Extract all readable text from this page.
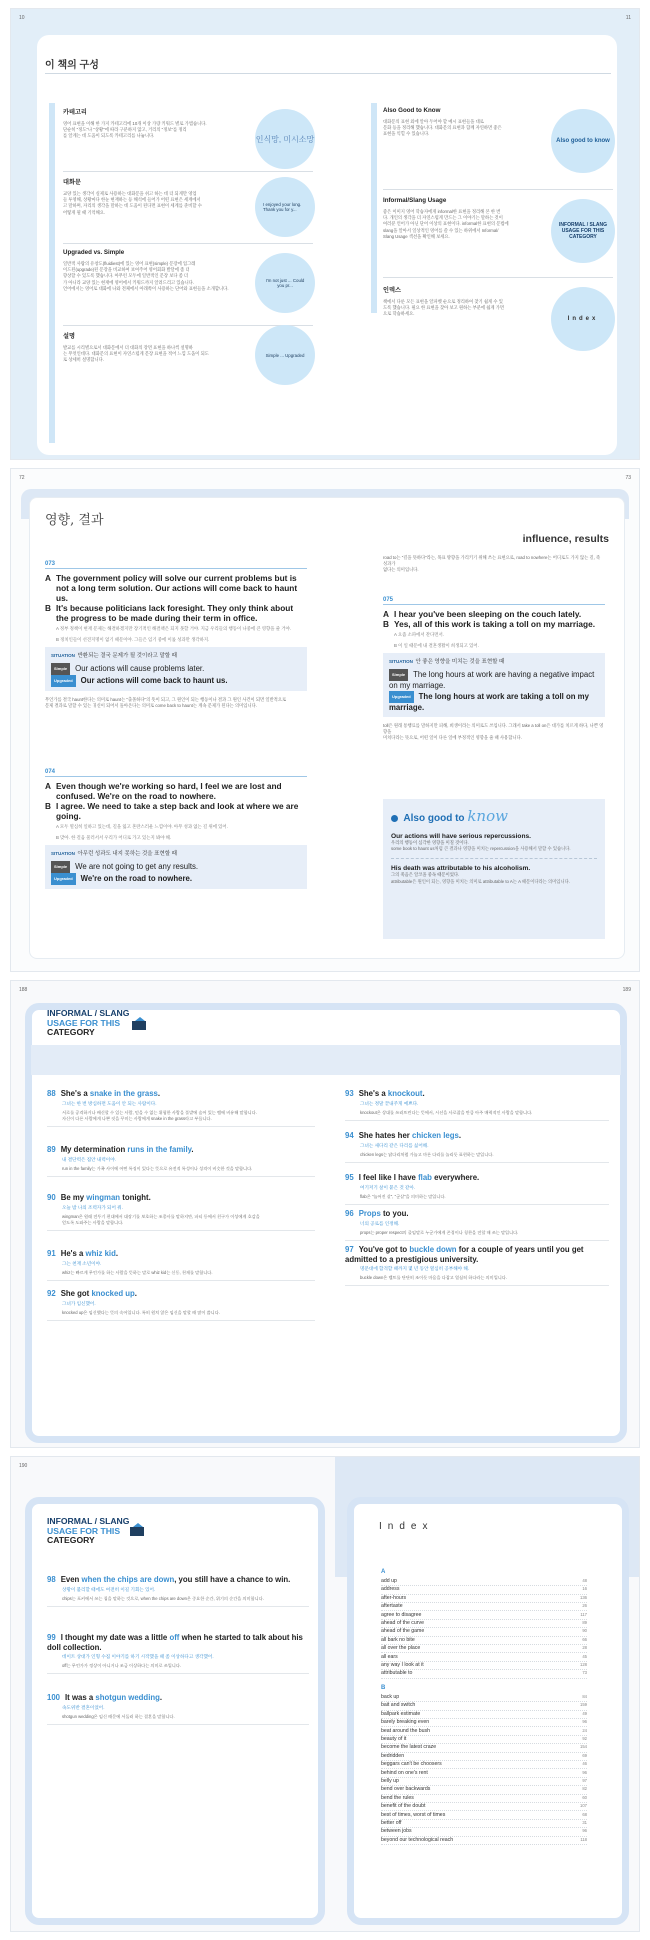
10	11
이 책의 구성
카테고리
영어 표현을 이해 한 가지 카테고리에 10개 이상 가량 키워드 별로 가볍습니다.
단순히 "정도"나 "상황"에 따라 구분하지 않고, 거리의 "정보"를 정리
를 알게는 데 도움이 되도록 카테고리를 나눕니다.	인식망, 미시소망
대화문
교양 있는 생각이 실제로 사용하는 대화문을 쉬고 하는 데 더 되게만 영업
들 투영해, 상황마다 한눈 현재하는 등 해석에 들어가 어떤 표현은 세계에서
고 말하며, 자리의 생각을 말하는 데 도움이 된다면 표현이 세계를 준비할 수
어떻게 될 때 기억해요.
I enjoyed your long. Thank you for y...
Upgraded vs. Simple
일반적 사람의 유창도(fluidiest)에 있는 영어 표현(simple) 문장에 업그레
이드된(upgrade)된 문장을 비교하여 보여주어 영어회화 발달에 좀 더
향상할 수 있도록 했습니다. 아무런 모두에 일반적인 문장 보다 좀 더
가 아니라 교양 있는 현재에 영어에서 키워드까지 알려드리고 있습니다.
언어에서는 영어로 대화에 나와 전체에서 아래쪽이 사용하는 단어와 표현들을 소개합니다.
I'm not just ... Could you pr...
설명
발교를 시리별으로서 대화문에서 더 대화의 장면 표현을 하나씩 설명하
는 무엇인데다. 대화문의 표현이 자연스럽게 문장 표현을 적어 느낌 도움이 되도
로 상세히 설명합니다.
Simple ... Upgraded
Also Good to Know
대화문의 표현 외에 알아 두어야 할 예시 표현들을 대로
문화 등을 정리해 했습니다. 대화문의 표현과 함께 자연하면 좋은
표현을 익힐 수 있습니다.
Also good to know
Informal/Slang Usage
좋은 이미지 영어 학습자에게 informal한 표현을 정리해 본 한 번
다. 개인의 생각을 더 자연스럽게 만드는 그 이야기는 말하는 것이
여러분 언어가 아닌 단어 이상의 표현이다. informal한 표현의 문법에
slang을 알아서 일상적인 영어를 쓸 수 있는 하위에서 Informal/
Slang Usage 섹션을 확인해 보세요.
INFORMAL / SLANG USAGE FOR THIS CATEGORY
인덱스
책에서 다룬 모든 표현을 알파벳 순으로 정리하여 찾기 쉽게 수 있
도록 했습니다. 필요 한 표현을 찾아 보고 원하는 부분에 쉽게 가면
으로 학습하세요.
Index
72	73
영향, 결과
influence, results
073
A The government policy will solve our current problems but is not a long term solution. Our actions will come back to haunt us.
B It's because politicians lack foresight. They only think about the progress to be made during their term in office.
A 정부 정책이 현재 문제는 해결하겠지만 장기적인 해결책은 되지 못할 거야. 지금 우리들의 행동이 나중에 큰 영향을 줄 거야.
B 정치인들이 선견지명이 없기 때문이야. 그들은 임기 중에 이룰 성과만 생각하지.
SITUATION 반환되는 결국 문제가 될 것이라고 말할 때
Simple Our actions will cause problems later.
Upgraded Our actions will come back to haunt us.
무언가를 결국 haunt한다는 의미로 haunt는 "출몰하다"의 뜻이 되고, 그 원인이 되는 행동이나 결과 그 원인 사건이 되면 일반적으로
문제 결과로 말할 수 있는 귀신이 되어서 돌아온다는 의미로 come back to haunt는 계속 문제가 된다는 의미입니다.
074
A Even though we're working so hard, I feel we are lost and confused. We're on the road to nowhere.
B I agree. We need to take a step back and look at where we are going.
A 모두 열심히 일하고 있는데, 길을 잃고 혼란스러운 느낌이야. 아무 성과 없는 길 위에 있어.
B 맞아. 한 걸음 물러서서 우리가 어디로 가고 있는지 봐야 해.
SITUATION 아무런 성과도 내지 못하는 것을 표현할 때
Simple We are not going to get any results.
Upgraded We're on the road to nowhere.
road to는 "길을 뜻하다"라는, 목표 방향을 가리키기 위해 쓰는 표현으로, road to nowhere는 어디로도 가지 않는 길, 즉 성과가
없다는 의미입니다.
075
A I hear you've been sleeping on the couch lately.
B Yes, all of this work is taking a toll on my marriage.
A 요즘 소파에서 잔다면서.
B 이 일 때문에 내 결혼생활이 희생되고 있어.
SITUATION 안 좋은 영향을 미치는 것을 표현할 때
Simple The long hours at work are having a negative impact on my marriage.
Upgraded The long hours at work are taking a toll on my marriage.
toll은 원래 통행료를 말하지만 피해, 희생이라는 의미로도 쓰입니다. 그래서 take a toll on은 대가를 치르게 하다, 나쁜 영향을
미치다라는 뜻으로, 어떤 일이 다른 일에 부정적인 영향을 줄 때 사용합니다.
Also good to know
Our actions will have serious repercussions.
우리의 행동이 심각한 영향을 미칠 것이다.
some book to haunt us처럼 큰 결과나 영향을 미치는 repercussion을 사용해서 말할 수 있습니다.
His death was attributable to his alcoholism.
그의 죽음은 알코올 중독 때문이었다.
attributable은 원인이 되는, 영향을 미치는 의미로 attributable to A는 A 때문이다라는 의미입니다.
188	189
INFORMAL / SLANG
USAGE FOR THIS
CATEGORY
88 She's a snake in the grass.
그녀는 한 번 방심하면 도움이 안 되는 사람이다.
서로를 공격하거나 배신할 수 있는 사람, 믿을 수 없는 위험한 사람을 풀밭에 숨어 있는 뱀에 비유해 말합니다.
자신이 다른 사람에게 나쁜 짓을 꾸미는 사람에게 snake in the grass라고 부릅니다.
89 My determination runs in the family.
내 결단력은 집안 내력이야.
run in the family는 가족 사이에 어떤 특징이 있다는 뜻으로 유전적 특성이나 성격이 비슷한 것을 말합니다.
90 Be my wingman tonight.
오늘 밤 나의 조력자가 되어 줘.
wingman은 원래 전투기 편대에서 대장기를 보호하는 조종사를 말하지만, 파티 등에서 친구가 이성에게 호감을
얻도록 도와주는 사람을 말합니다.
91 He's a whiz kid.
그는 천재 소년이야.
whiz는 빠르게 무언가를 하는 사람을 뜻하는 말로 whiz kid는 신동, 천재를 말합니다.
92 She got knocked up.
그녀가 임신했어.
knocked up은 임신했다는 뜻의 속어입니다. 특히 원치 않은 임신을 말할 때 많이 씁니다.
93 She's a knockout.
그녀는 정말 끝내주게 예쁘다.
knockout은 상대를 쓰러뜨린다는 뜻에서, 시선을 사로잡을 만큼 아주 매력적인 사람을 말합니다.
94 She hates her chicken legs.
그녀는 새다리 같은 다리를 싫어해.
chicken legs는 닭다리처럼 가늘고 마른 다리를 놀리듯 표현하는 말입니다.
95 I feel like I have flab everywhere.
여기저기 살이 붙은 것 같아.
flab은 "늘어진 살", "군살"을 의미하는 말입니다.
96 Props to you.
너의 공로를 인정해.
props는 proper respect의 줄임말로 누군가에게 존경이나 칭찬을 전할 때 쓰는 말입니다.
97 You've got to buckle down for a couple of years until you get admitted to a prestigious university.
명문대에 합격할 때까지 몇 년 동안 열심히 공부해야 해.
buckle down은 벨트를 단단히 조이듯 마음을 다잡고 열심히 하다라는 의미입니다.
190
INFORMAL / SLANG
USAGE FOR THIS
CATEGORY
Index
A
B
98 Even when the chips are down, you still have a chance to win.
상황이 불리할 때에도 여전히 이길 기회는 있어.
chips는 포커에서 쓰는 칩을 말하는 것으로, when the chips are down은 중요한 순간, 위기의 순간을 의미합니다.
99 I thought my date was a little off when he started to talk about his doll collection.
데이트 상대가 인형 수집 이야기를 하기 시작했을 때 좀 이상하다고 생각했어.
off는 무언가가 정상이 아니거나 조금 이상하다는 의미로 쓰입니다.
100 It was a shotgun wedding.
속도위반 결혼이었어.
shotgun wedding은 임신 때문에 서둘러 하는 결혼을 말합니다.
add up	48
address	16
after-hours	136
aftertaste	26
agree to disagree	117
ahead of the curve	89
ahead of the game	90
all bark no bite	66
all over the place	28
all ears	45
any way I look at it	128
attributable to	73
back up	84
bait and switch	159
ballpark estimate	49
barely breaking even	96
beat around the bush	24
beauty of it	92
become the latest craze	154
bedridden	69
beggars can't be choosers	46
behind on one's rent	96
belly up	97
bend over backwards	82
bend the rules	60
benefit of the doubt	107
best of times, worst of times	68
better off	31
between jobs	96
beyond our technological reach	118
